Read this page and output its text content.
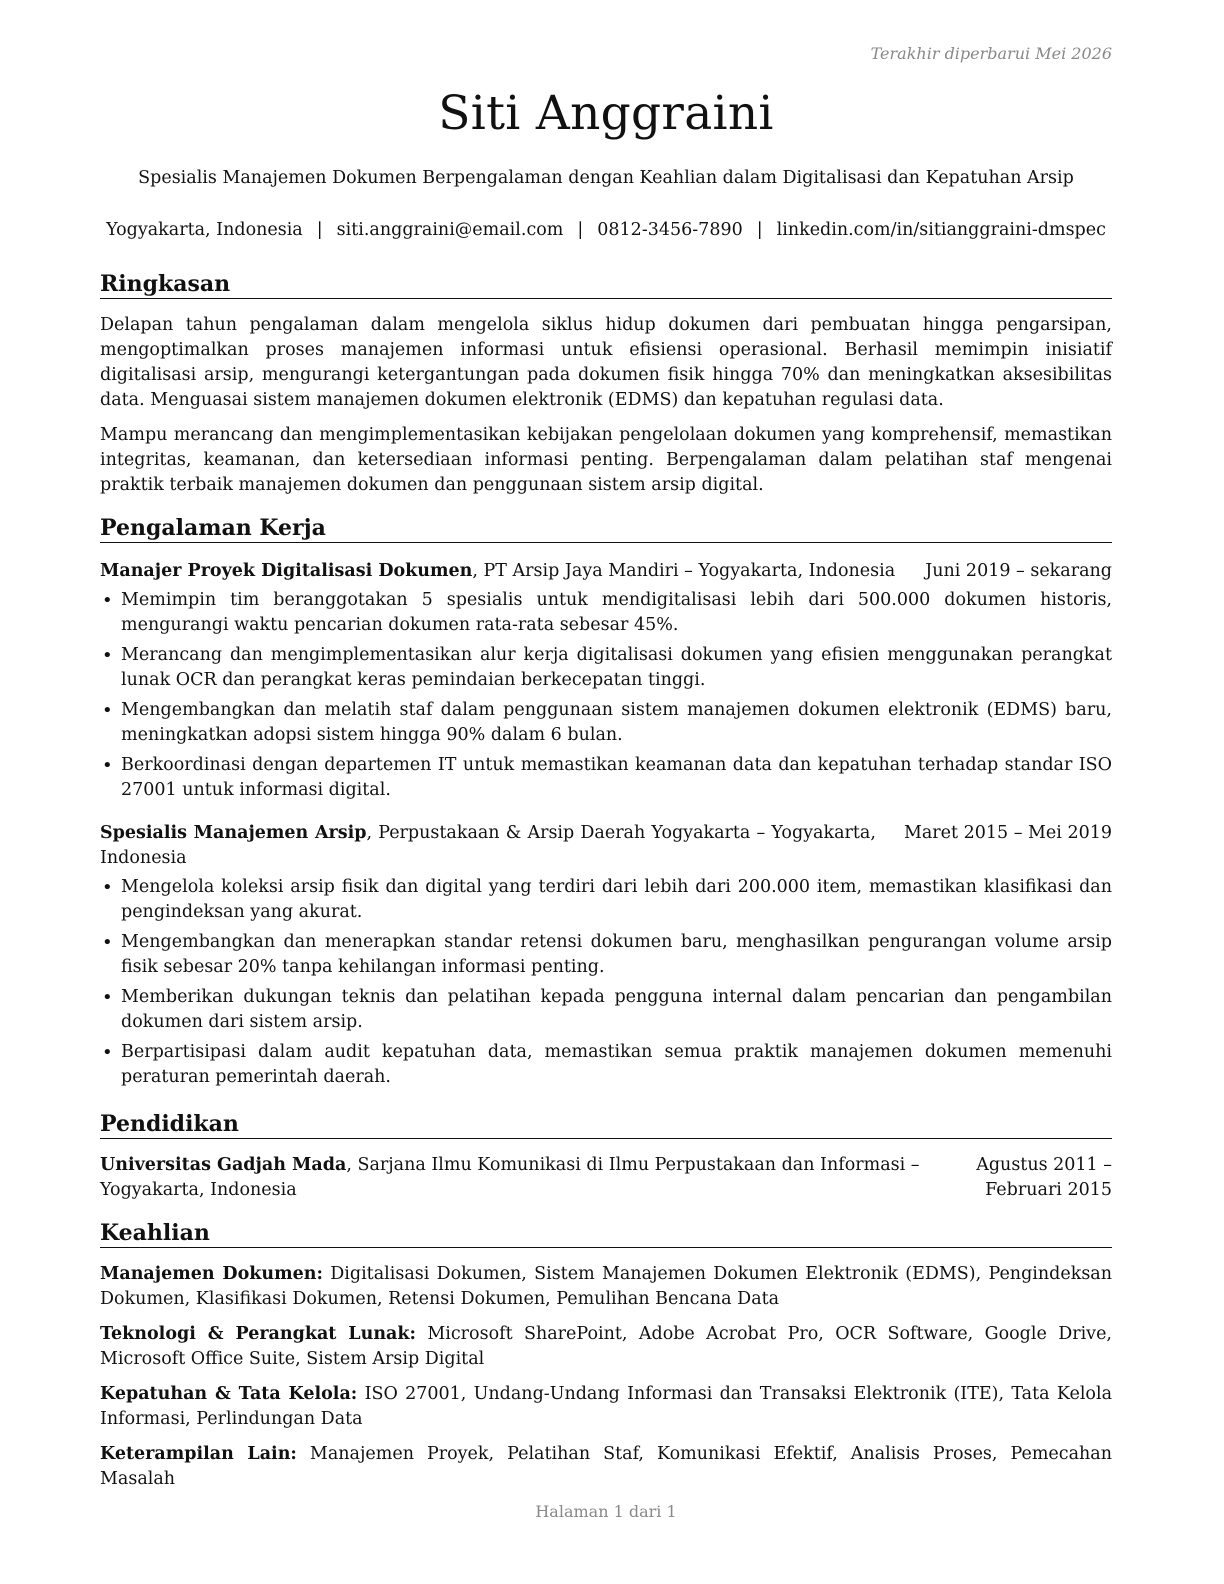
Terakhir diperbarui Mei 2026
Siti Anggraini
Spesialis Manajemen Dokumen Berpengalaman dengan Keahlian dalam Digitalisasi dan Kepatuhan Arsip
Yogyakarta, Indonesia | siti.anggraini@email.com | 0812-3456-7890 | linkedin.com/in/sitianggraini-dmspec
Ringkasan

Delapan tahun pengalaman dalam mengelola siklus hidup dokumen dari pembuatan hingga pengarsipan, mengoptimalkan proses manajemen informasi untuk efisiensi operasional. Berhasil memimpin inisiatif digitalisasi arsip, mengurangi ketergantungan pada dokumen fisik hingga 70% dan meningkatkan aksesibilitas data. Menguasai sistem manajemen dokumen elektronik (EDMS) dan kepatuhan regulasi data.

Mampu merancang dan mengimplementasikan kebijakan pengelolaan dokumen yang komprehensif, memastikan integritas, keamanan, dan ketersediaan informasi penting. Berpengalaman dalam pelatihan staf mengenai praktik terbaik manajemen dokumen dan penggunaan sistem arsip digital.

Pengalaman Kerja
Manajer Proyek Digitalisasi Dokumen, PT Arsip Jaya Mandiri – Yogyakarta, Indonesia	Juni 2019 – sekarang
• Memimpin tim beranggotakan 5 spesialis untuk mendigitalisasi lebih dari 500.000 dokumen historis, mengurangi waktu pencarian dokumen rata-rata sebesar 45%.
• Merancang dan mengimplementasikan alur kerja digitalisasi dokumen yang efisien menggunakan perangkat lunak OCR dan perangkat keras pemindaian berkecepatan tinggi.
• Mengembangkan dan melatih staf dalam penggunaan sistem manajemen dokumen elektronik (EDMS) baru, meningkatkan adopsi sistem hingga 90% dalam 6 bulan.
• Berkoordinasi dengan departemen IT untuk memastikan keamanan data dan kepatuhan terhadap standar ISO 27001 untuk informasi digital.
Spesialis Manajemen Arsip, Perpustakaan & Arsip Daerah Yogyakarta – Yogyakarta, Indonesia
Maret 2015 – Mei 2019
• Mengelola koleksi arsip fisik dan digital yang terdiri dari lebih dari 200.000 item, memastikan klasifikasi dan pengindeksan yang akurat.
• Mengembangkan dan menerapkan standar retensi dokumen baru, menghasilkan pengurangan volume arsip fisik sebesar 20% tanpa kehilangan informasi penting.
• Memberikan dukungan teknis dan pelatihan kepada pengguna internal dalam pencarian dan pengambilan dokumen dari sistem arsip.
• Berpartisipasi dalam audit kepatuhan data, memastikan semua praktik manajemen dokumen memenuhi peraturan pemerintah daerah.
Pendidikan
Universitas Gadjah Mada, Sarjana Ilmu Komunikasi di Ilmu Perpustakaan dan Informasi – Yogyakarta, Indonesia
Agustus 2011 – Februari 2015
Keahlian

Manajemen Dokumen: Digitalisasi Dokumen, Sistem Manajemen Dokumen Elektronik (EDMS), Pengindeksan Dokumen, Klasifikasi Dokumen, Retensi Dokumen, Pemulihan Bencana Data

Teknologi & Perangkat Lunak: Microsoft SharePoint, Adobe Acrobat Pro, OCR Software, Google Drive, Microsoft Office Suite, Sistem Arsip Digital

Kepatuhan & Tata Kelola: ISO 27001, Undang-Undang Informasi dan Transaksi Elektronik (ITE), Tata Kelola Informasi, Perlindungan Data

Keterampilan Lain: Manajemen Proyek, Pelatihan Staf, Komunikasi Efektif, Analisis Proses, Pemecahan Masalah

Halaman 1 dari 1
